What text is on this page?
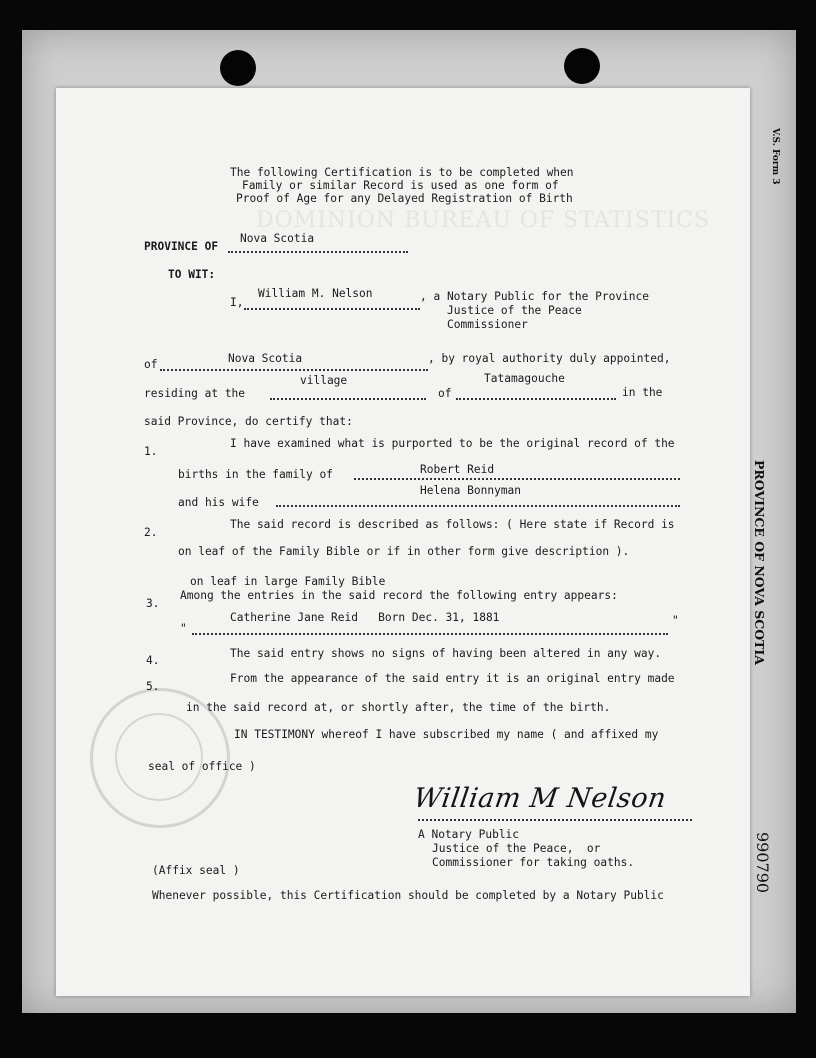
DOMINION BUREAU OF STATISTICS
V.S. Form 3
PROVINCE OF NOVA SCOTIA
990790
The following Certification is to be completed when
Family or similar Record is used as one form of
Proof of Age for any Delayed Registration of Birth
PROVINCE OF
Nova Scotia
TO WIT:
I,
William M. Nelson	, a Notary Public for the Province
Justice of the Peace
Commissioner
of	Nova Scotia	, by royal authority duly appointed,
residing at the
village
of
Tatamagouche
in the
said Province, do certify that:
1.
I have examined what is purported to be the original record of the
births in the family of	Robert Reid
and his wife
Helena Bonnyman
2.
The said record is described as follows: ( Here state if Record is
on leaf of the Family Bible or if in other form give description ).
on leaf in large Family Bible
3.
Among the entries in the said record the following entry appears:
"
Catherine Jane Reid   Born Dec. 31, 1881	"
4.
The said entry shows no signs of having been altered in any way.
5.
From the appearance of the said entry it is an original entry made
in the said record at, or shortly after, the time of the birth.
IN TESTIMONY whereof I have subscribed my name ( and affixed my
seal of office )
William M Nelson
A Notary Public
Justice of the Peace,  or
Commissioner for taking oaths.
(Affix seal )
Whenever possible, this Certification should be completed by a Notary Public
